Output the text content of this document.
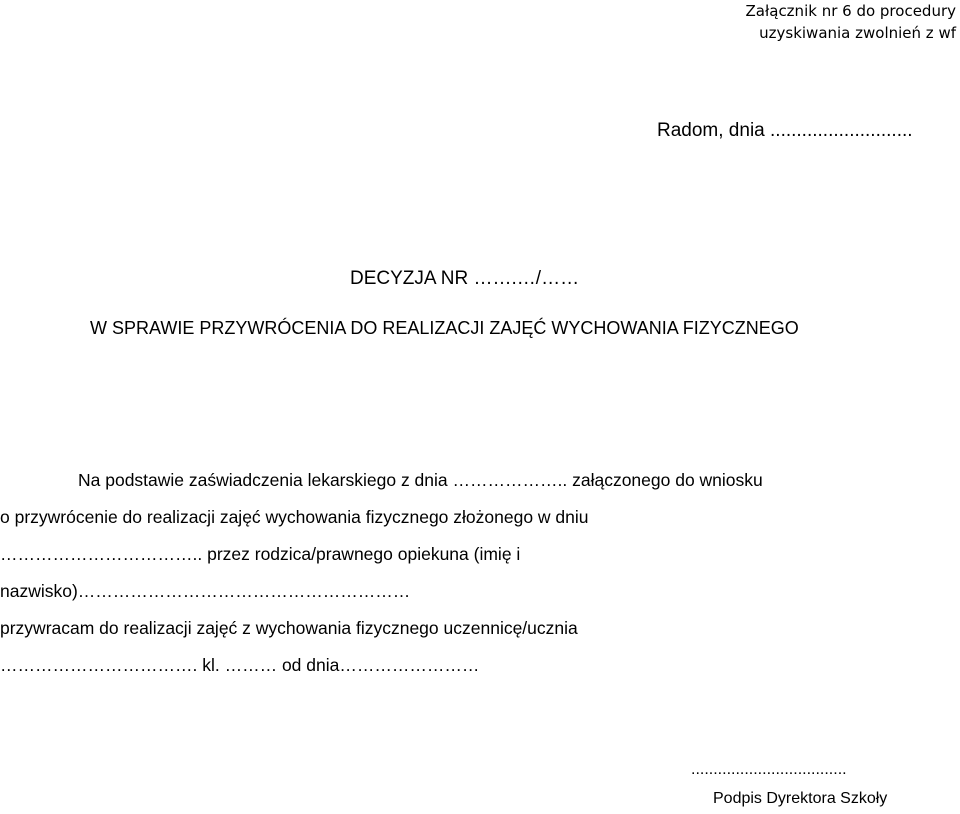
Załącznik nr 6 do procedury
uzyskiwania zwolnień z wf
Radom, dnia ...........................
DECYZJA NR …….…/……
W SPRAWIE PRZYWRÓCENIA DO REALIZACJI ZAJĘĆ WYCHOWANIA FIZYCZNEGO
Na podstawie zaświadczenia lekarskiego z dnia ……………….. załączonego do wniosku
o przywrócenie do realizacji zajęć wychowania fizycznego złożonego w dniu
…………………………….. przez rodzica/prawnego opiekuna (imię i
nazwisko)…………………………………………………
przywracam do realizacji zajęć z wychowania fizycznego uczennicę/ucznia
……………………………. kl. ……… od dnia……………………
...................................
Podpis Dyrektora Szkoły
